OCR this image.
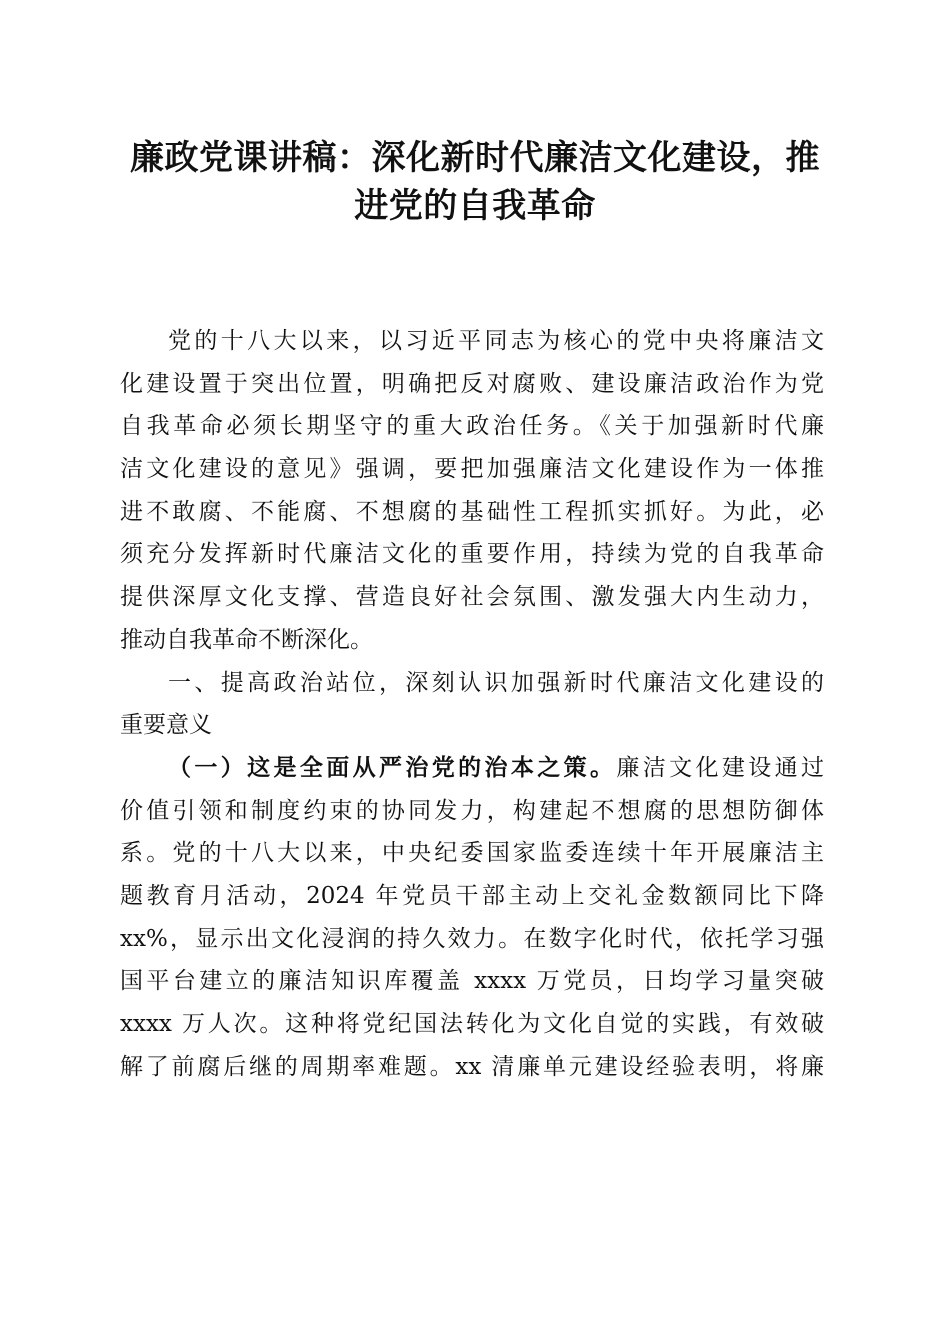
廉政党课讲稿：深化新时代廉洁文化建设，推
进党的自我革命
党的十八大以来，以习近平同志为核心的党中央将廉洁文
化建设置于突出位置，明确把反对腐败、建设廉洁政治作为党
自我革命必须长期坚守的重大政治任务。《关于加强新时代廉
洁文化建设的意见》强调，要把加强廉洁文化建设作为一体推
进不敢腐、不能腐、不想腐的基础性工程抓实抓好。为此，必
须充分发挥新时代廉洁文化的重要作用，持续为党的自我革命
提供深厚文化支撑、营造良好社会氛围、激发强大内生动力，
推动自我革命不断深化。
一、提高政治站位，深刻认识加强新时代廉洁文化建设的
重要意义
（一）这是全面从严治党的治本之策。廉洁文化建设通过
价值引领和制度约束的协同发力，构建起不想腐的思想防御体
系。党的十八大以来，中央纪委国家监委连续十年开展廉洁主
题教育月活动，2024 年党员干部主动上交礼金数额同比下降
xx%，显示出文化浸润的持久效力。在数字化时代，依托学习强
国平台建立的廉洁知识库覆盖 xxxx 万党员，日均学习量突破
xxxx 万人次。这种将党纪国法转化为文化自觉的实践，有效破
解了前腐后继的周期率难题。xx 清廉单元建设经验表明，将廉
